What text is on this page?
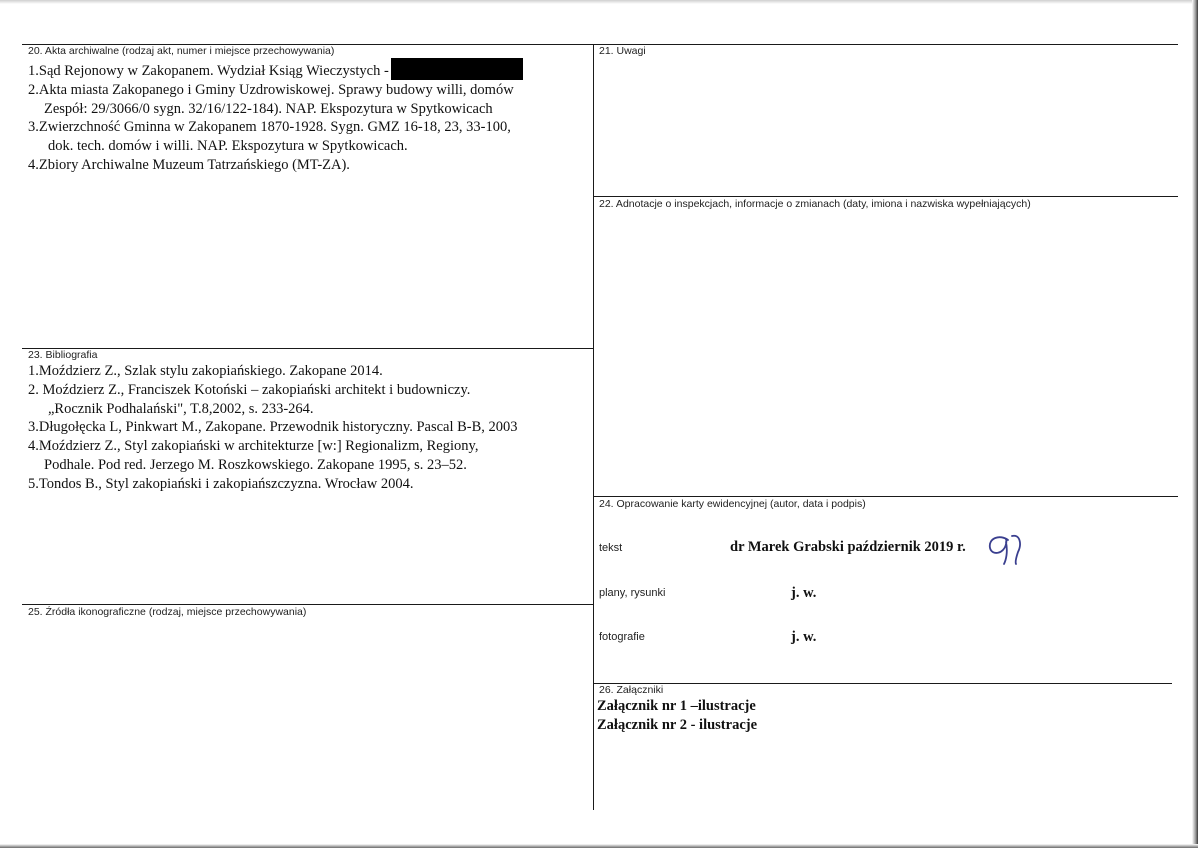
20. Akta archiwalne (rodzaj akt, numer i miejsce przechowywania)
1.Sąd Rejonowy w Zakopanem. Wydział Ksiąg Wieczystych -
2.Akta miasta Zakopanego i Gminy Uzdrowiskowej. Sprawy budowy willi, domów
Zespół: 29/3066/0 sygn. 32/16/122-184). NAP. Ekspozytura w Spytkowicach
3.Zwierzchność Gminna w Zakopanem 1870-1928. Sygn. GMZ 16-18, 23, 33-100,
dok. tech. domów i willi. NAP. Ekspozytura w Spytkowicach.
4.Zbiory Archiwalne Muzeum Tatrzańskiego (MT-ZA).
21. Uwagi
22. Adnotacje o inspekcjach, informacje o zmianach (daty, imiona i nazwiska wypełniających)
23. Bibliografia
1.Moździerz Z., Szlak stylu zakopiańskiego. Zakopane 2014.
2. Moździerz Z., Franciszek Kotoński – zakopiański architekt i budowniczy.
„Rocznik Podhalański", T.8,2002, s. 233-264.
3.Długołęcka L, Pinkwart M., Zakopane. Przewodnik historyczny. Pascal B-B, 2003
4.Moździerz Z., Styl zakopiański w architekturze [w:] Regionalizm, Regiony,
Podhale. Pod red. Jerzego M. Roszkowskiego. Zakopane 1995, s. 23–52.
5.Tondos B., Styl zakopiański i zakopiańszczyzna. Wrocław 2004.
24. Opracowanie karty ewidencyjnej (autor, data i podpis)
tekst	dr Marek Grabski październik 2019 r.
plany, rysunki	j. w.
fotografie	j. w.
25. Źródła ikonograficzne (rodzaj, miejsce przechowywania)
26. Załączniki
Załącznik nr 1 –ilustracje
Załącznik nr 2 - ilustracje
